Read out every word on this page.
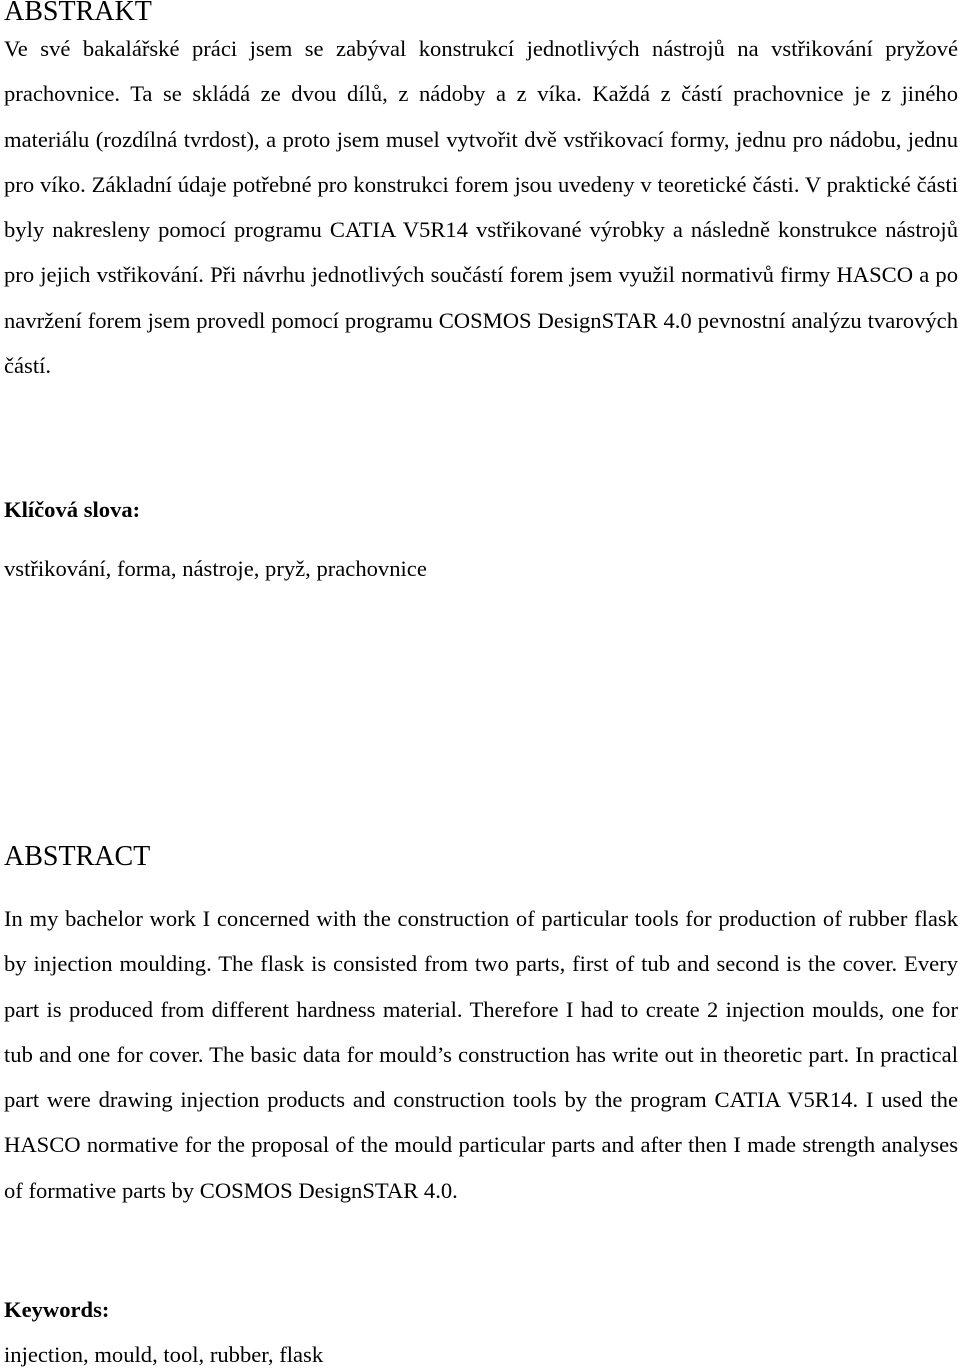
ABSTRAKT

Ve své bakalářské práci jsem se zabýval konstrukcí jednotlivých nástrojů na vstřikování pryžové prachovnice. Ta se skládá ze dvou dílů, z nádoby a z víka. Každá z částí prachovnice je z jiného materiálu (rozdílná tvrdost), a proto jsem musel vytvořit dvě vstřikovací formy, jednu pro nádobu, jednu pro víko. Základní údaje potřebné pro konstrukci forem jsou uvedeny v teoretické části. V praktické části byly nakresleny pomocí programu CATIA V5R14 vstřikované výrobky a následně konstrukce nástrojů pro jejich vstřikování. Při návrhu jednotlivých součástí forem jsem využil normativů firmy HASCO a po navržení forem jsem provedl pomocí programu COSMOS DesignSTAR 4.0 pevnostní analýzu tvarových částí.

Klíčová slova:

vstřikování, forma, nástroje, pryž, prachovnice

ABSTRACT

In my bachelor work I concerned with the construction of particular tools for production of rubber flask by injection moulding. The flask is consisted from two parts, first of tub and second is the cover. Every part is produced from different hardness material. Therefore I had to create 2 injection moulds, one for tub and one for cover. The basic data for mould’s construction has write out in theoretic part. In practical part were drawing injection products and construction tools by the program CATIA V5R14. I used the HASCO normative for the proposal of the mould particular parts and after then I made strength analyses of formative parts by COSMOS DesignSTAR 4.0.

Keywords:

injection, mould, tool, rubber, flask
